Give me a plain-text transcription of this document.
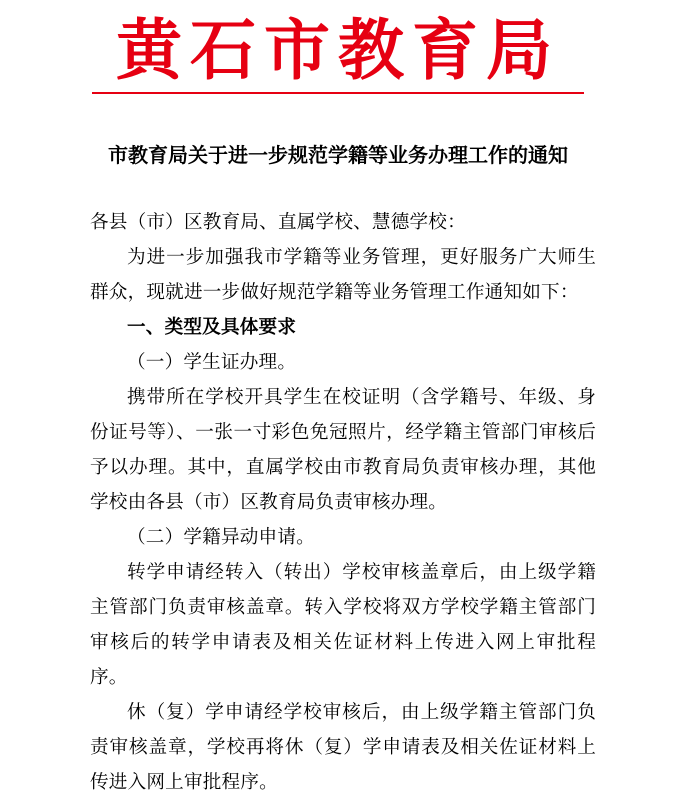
黄石市教育局
市教育局关于进一步规范学籍等业务办理工作的通知

各县（市）区教育局、直属学校、慧德学校：

为进一步加强我市学籍等业务管理，更好服务广大师生群众，现就进一步做好规范学籍等业务管理工作通知如下：

一、类型及具体要求

（一）学生证办理。

携带所在学校开具学生在校证明（含学籍号、年级、身份证号等）、一张一寸彩色免冠照片，经学籍主管部门审核后予以办理。其中，直属学校由市教育局负责审核办理，其他学校由各县（市）区教育局负责审核办理。

（二）学籍异动申请。

转学申请经转入（转出）学校审核盖章后，由上级学籍主管部门负责审核盖章。转入学校将双方学校学籍主管部门审核后的转学申请表及相关佐证材料上传进入网上审批程序。

休（复）学申请经学校审核后，由上级学籍主管部门负责审核盖章，学校再将休（复）学申请表及相关佐证材料上传进入网上审批程序。
